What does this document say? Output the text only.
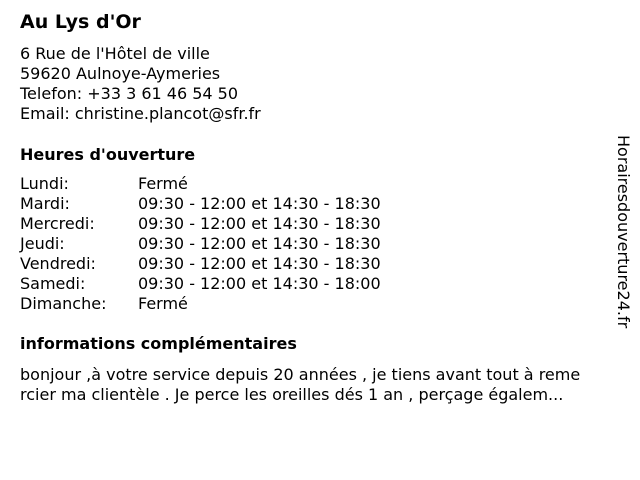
Au Lys d'Or
6 Rue de l'Hôtel de ville
59620 Aulnoye-Aymeries
Telefon: +33 3 61 46 54 50
Email: christine.plancot@sfr.fr
Heures d'ouverture
Lundi:	Fermé
Mardi:	09:30 - 12:00 et 14:30 - 18:30
Mercredi:	09:30 - 12:00 et 14:30 - 18:30
Jeudi:	09:30 - 12:00 et 14:30 - 18:30
Vendredi:	09:30 - 12:00 et 14:30 - 18:30
Samedi:	09:30 - 12:00 et 14:30 - 18:00
Dimanche: Fermé
informations complémentaires
bonjour ,à votre service depuis 20 années , je tiens avant tout à reme
rcier ma clientèle . Je perce les oreilles dés 1 an , perçage égalem...
Horairesdouverture24.fr
